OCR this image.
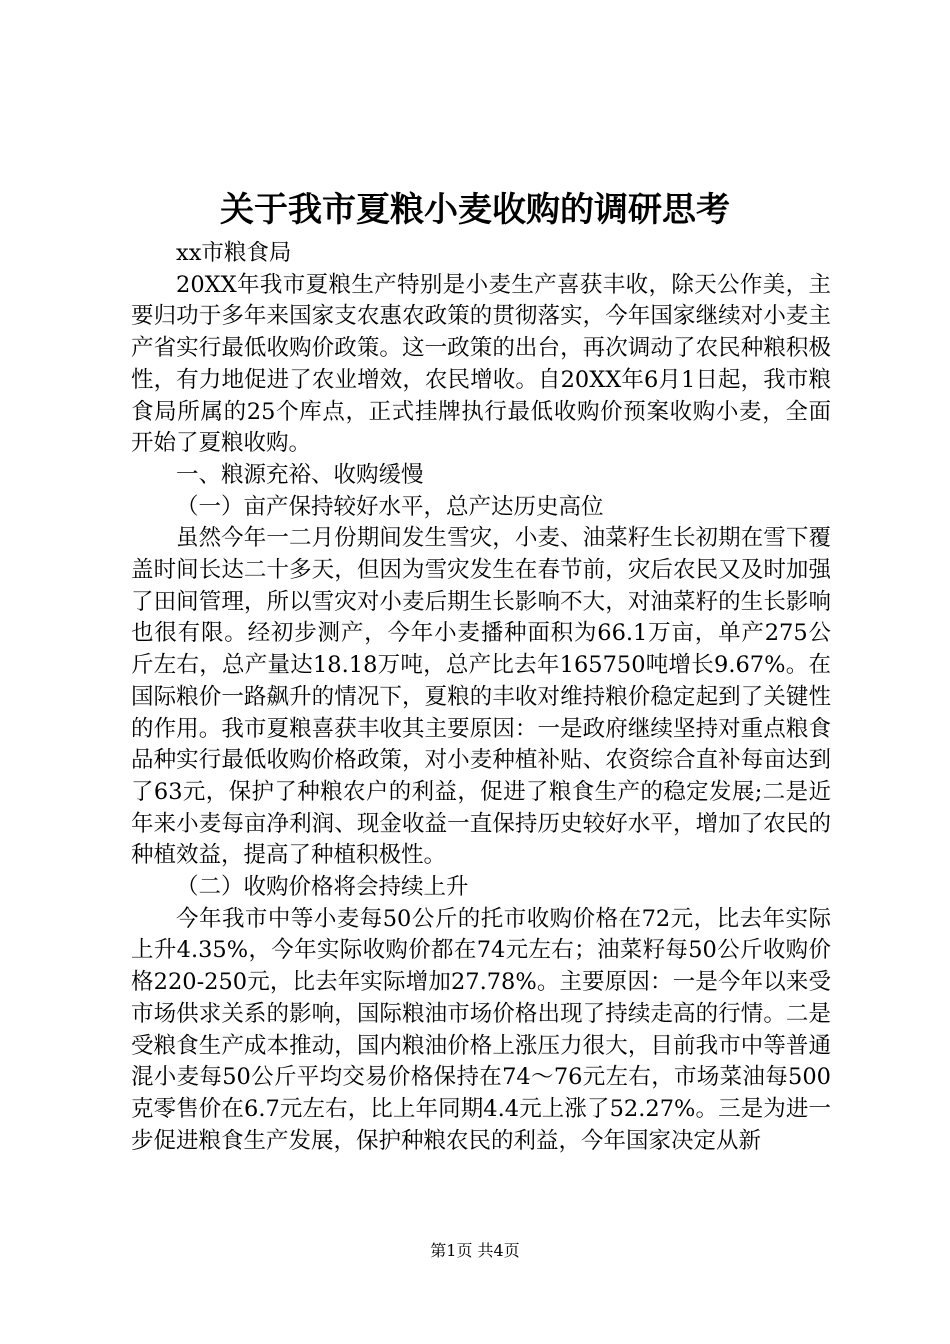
关于我市夏粮小麦收购的调研思考

xx市粮食局

20XX年我市夏粮生产特别是小麦生产喜获丰收，除天公作美，主要归功于多年来国家支农惠农政策的贯彻落实，今年国家继续对小麦主产省实行最低收购价政策。这一政策的出台，再次调动了农民种粮积极性，有力地促进了农业增效，农民增收。自20XX年6月1日起，我市粮食局所属的25个库点，正式挂牌执行最低收购价预案收购小麦，全面开始了夏粮收购。

一、粮源充裕、收购缓慢

（一）亩产保持较好水平，总产达历史高位

虽然今年一二月份期间发生雪灾，小麦、油菜籽生长初期在雪下覆盖时间长达二十多天，但因为雪灾发生在春节前，灾后农民又及时加强了田间管理，所以雪灾对小麦后期生长影响不大，对油菜籽的生长影响也很有限。经初步测产，今年小麦播种面积为66.1万亩，单产275公斤左右，总产量达18.18万吨，总产比去年165750吨增长9.67%。在国际粮价一路飙升的情况下，夏粮的丰收对维持粮价稳定起到了关键性的作用。我市夏粮喜获丰收其主要原因：一是政府继续坚持对重点粮食品种实行最低收购价格政策，对小麦种植补贴、农资综合直补每亩达到了63元，保护了种粮农户的利益，促进了粮食生产的稳定发展;二是近年来小麦每亩净利润、现金收益一直保持历史较好水平，增加了农民的种植效益，提高了种植积极性。

（二）收购价格将会持续上升

今年我市中等小麦每50公斤的托市收购价格在72元，比去年实际上升4.35%，今年实际收购价都在74元左右；油菜籽每50公斤收购价格220-250元，比去年实际增加27.78%。主要原因：一是今年以来受市场供求关系的影响，国际粮油市场价格出现了持续走高的行情。二是受粮食生产成本推动，国内粮油价格上涨压力很大，目前我市中等普通混小麦每50公斤平均交易价格保持在74～76元左右，市场菜油每500克零售价在6.7元左右，比上年同期4.4元上涨了52.27%。三是为进一步促进粮食生产发展，保护种粮农民的利益，今年国家决定从新

第1页 共4页
